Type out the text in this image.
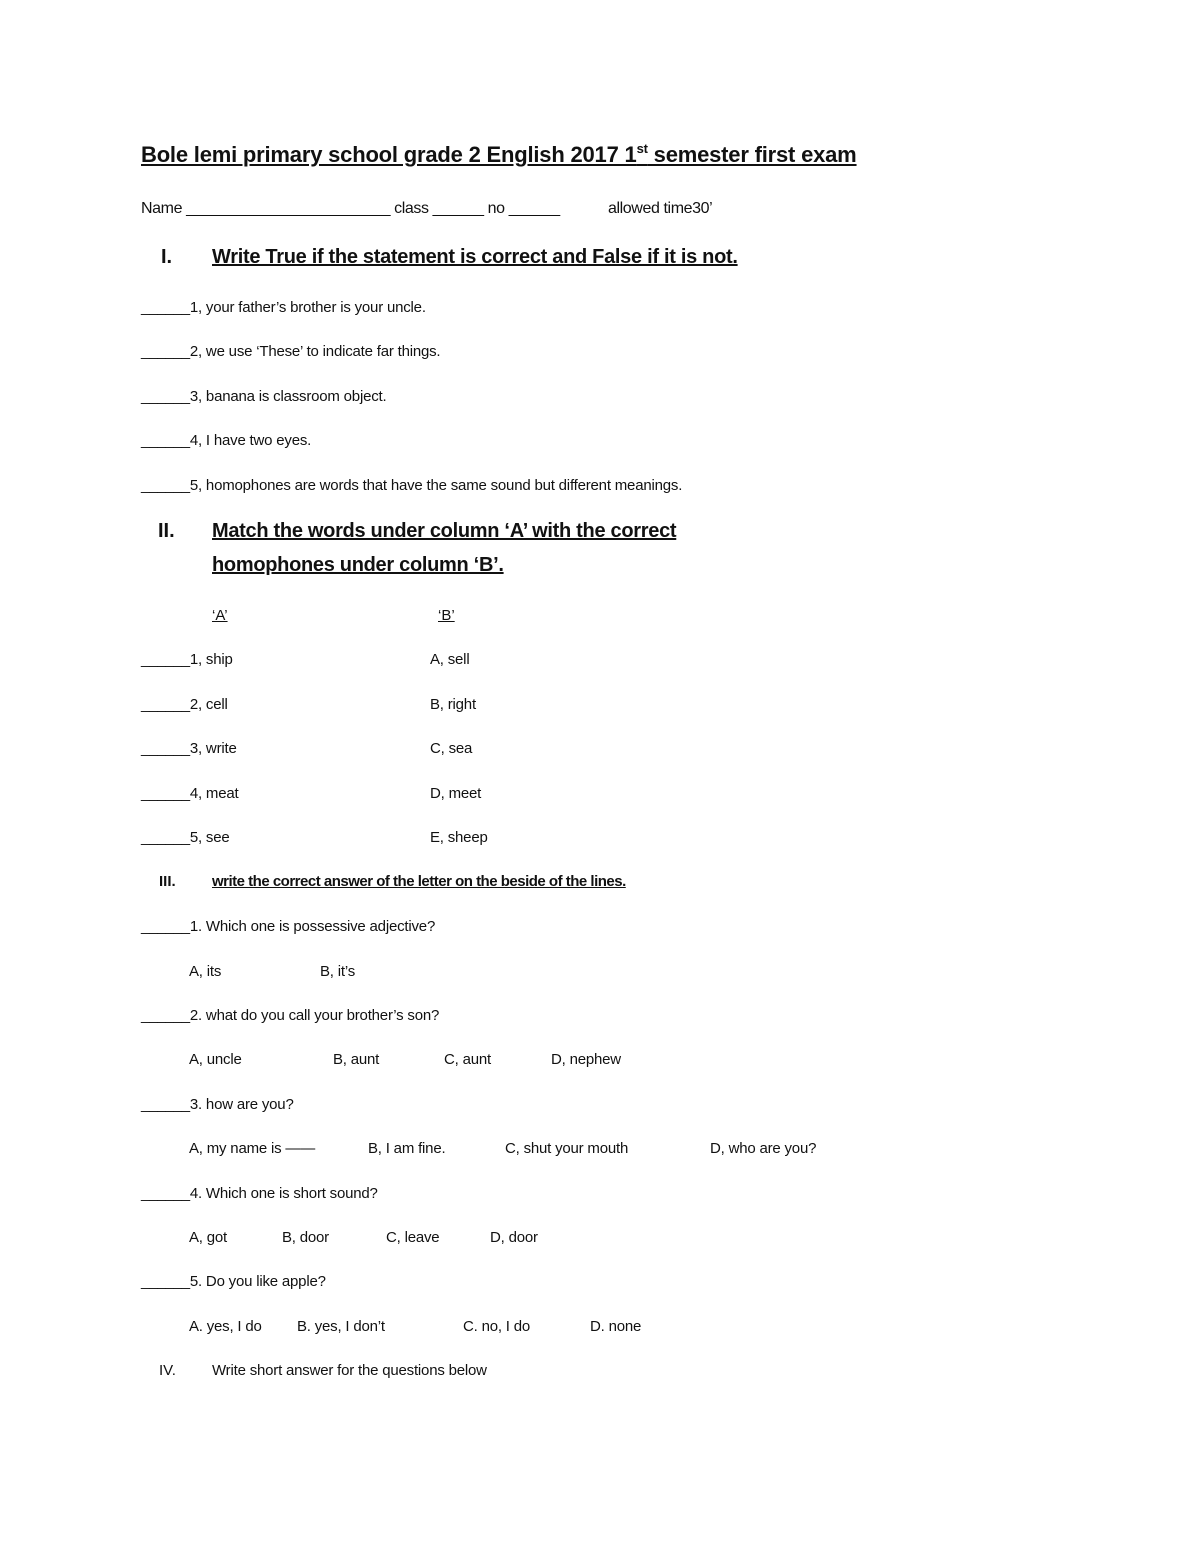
Bole lemi primary school grade 2 English 2017 1st semester first exam
Name ________________________ class ______ no ______	allowed time30’
I. Write True if the statement is correct and False if it is not.
______1, your father’s brother is your uncle.
______2, we use ‘These’ to indicate far things.
______3, banana is classroom object.
______4, I have two eyes.
______5, homophones are words that have the same sound but different meanings.
II. Match the words under column ‘A’ with the correct
homophones under column ‘B’.
‘A’	‘B’
______1, ship	A, sell
______2, cell	B, right
______3, write	C, sea
______4, meat	D, meet
______5, see	E, sheep
III. write the correct answer of the letter on the beside of the lines.
______1. Which one is possessive adjective?
A, its	B, it’s
______2. what do you call your brother’s son?
A, uncle	B, aunt	C, aunt	D, nephew
______3. how are you?
A, my name is ——	B, I am fine.	C, shut your mouth	D, who are you?
______4. Which one is short sound?
A, got	B, door	C, leave	D, door
______5. Do you like apple?
A. yes, I do B. yes, I don’t	C. no, I do	D. none
IV. Write short answer for the questions below
